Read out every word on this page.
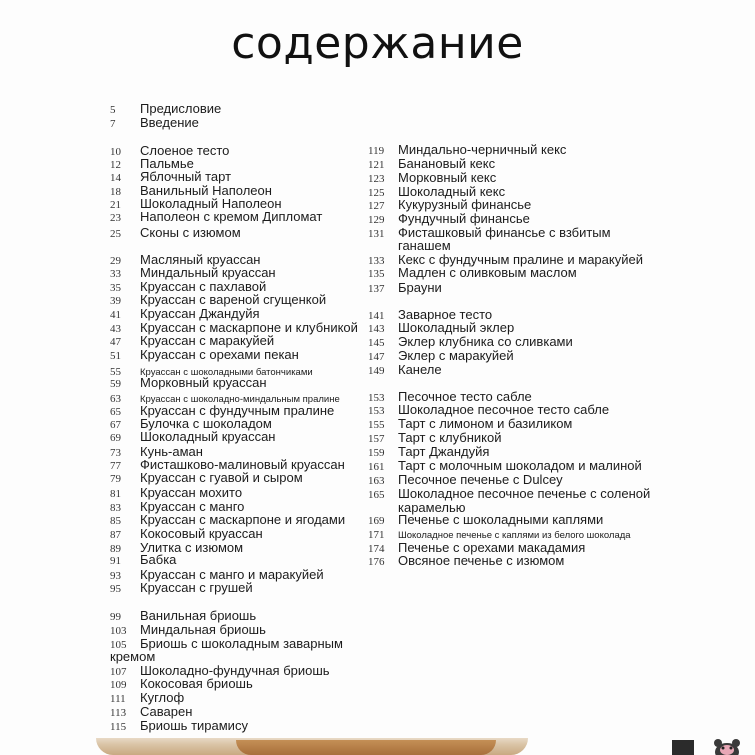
содержание
5 Предисловие
7 Введение
10 Слоеное тесто
12 Пальмье
14 Яблочный тарт
18 Ванильный Наполеон
21 Шоколадный Наполеон
23 Наполеон с кремом Дипломат
25 Сконы с изюмом
29 Масляный круассан
33 Миндальный круассан
35 Круассан с пахлавой
39 Круассан с вареной сгущенкой
41 Круассан Джандуйя
43 Круассан с маскарпоне и клубникой
47 Круассан с маракуйей
51 Круассан с орехами пекан
55 Круассан с шоколадными батончиками
59 Морковный круассан
63 Круассан с шоколадно-миндальным пралине
65 Круассан с фундучным пралине
67 Булочка с шоколадом
69 Шоколадный круассан
73 Кунь-аман
77 Фисташково-малиновый круассан
79 Круассан с гуавой и сыром
81 Круассан мохито
83 Круассан с манго
85 Круассан с маскарпоне и ягодами
87 Кокосовый круассан
89 Улитка с изюмом
91 Бабка
93 Круассан с манго и маракуйей
95 Круассан с грушей
99 Ванильная бриошь
103 Миндальная бриошь
105 Бриошь с шоколадным заварным
107 Шоколадно-фундучная бриошь
109 Кокосовая бриошь
111 Куглоф
113 Саварен
115 Бриошь тирамису
119 Миндально-черничный кекс
121 Банановый кекс
123 Морковный кекс
125 Шоколадный кекс
127 Кукурузный финансье
129 Фундучный финансье
131 Фисташковый финансье с взбитым
133 Кекс с фундучным пралине и маракуйей
135 Мадлен с оливковым маслом
137 Брауни
141 Заварное тесто
143 Шоколадный эклер
145 Эклер клубника со сливками
147 Эклер с маракуйей
149 Канеле
153 Песочное тесто сабле
153 Шоколадное песочное тесто сабле
155 Тарт с лимоном и базиликом
157 Тарт с клубникой
159 Тарт Джандуйя
161 Тарт с молочным шоколадом и малиной
163 Песочное печенье с Dulcey
165 Шоколадное песочное печенье с соленой
169 Печенье с шоколадными каплями
171 Шоколадное печенье с каплями из белого шоколада
174 Печенье с орехами макадамия
176 Овсяное печенье с изюмом
ганашем
карамелью
кремом
